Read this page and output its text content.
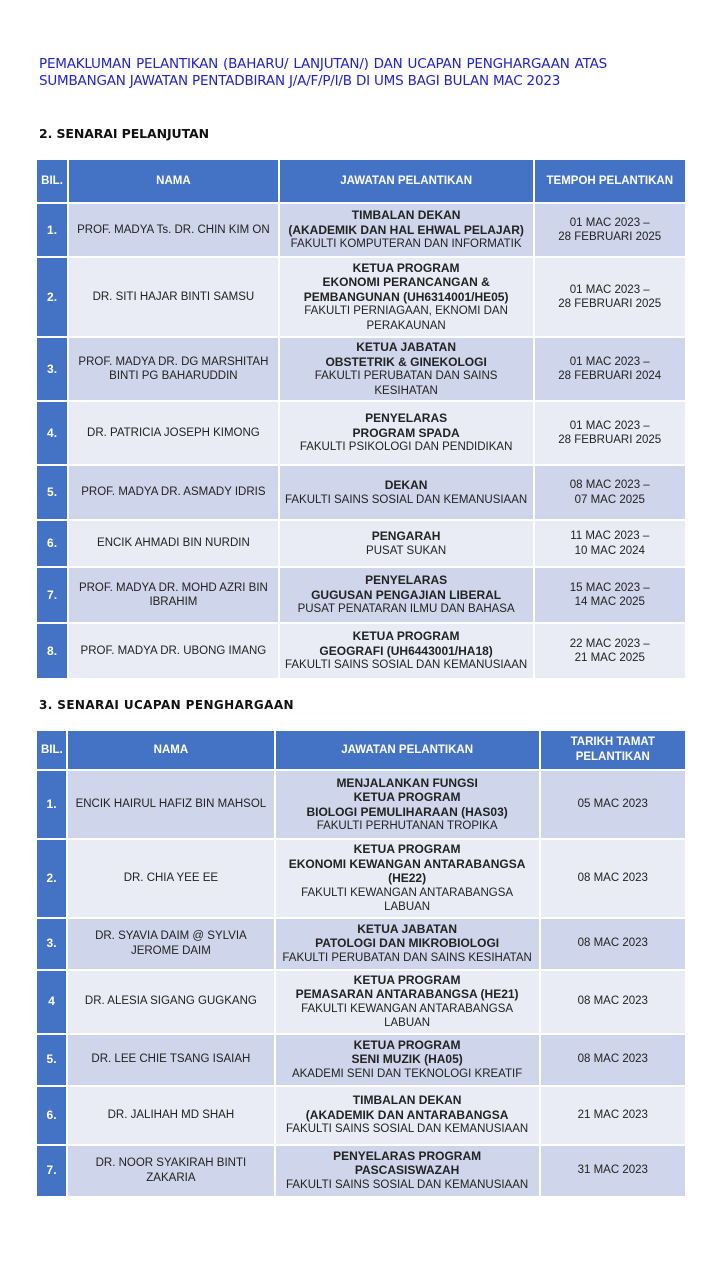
PEMAKLUMAN PELANTIKAN (BAHARU/ LANJUTAN/) DAN UCAPAN PENGHARGAAN ATAS SUMBANGAN JAWATAN PENTADBIRAN J/A/F/P/I/B DI UMS BAGI BULAN MAC 2023
2. SENARAI PELANJUTAN
BIL.	NAMA	JAWATAN PELANTIKAN	TEMPOH PELANTIKAN
1.	PROF. MADYA Ts. DR. CHIN KIM ON	TIMBALAN DEKAN
(AKADEMIK DAN HAL EHWAL PELAJAR)
FAKULTI KOMPUTERAN DAN INFORMATIK	01 MAC 2023 –
28 FEBRUARI 2025

2.	DR. SITI HAJAR BINTI SAMSU	KETUA PROGRAM
EKONOMI PERANCANGAN &
PEMBANGUNAN (UH6314001/HE05)
FAKULTI PERNIAGAAN, EKNOMI DAN PERAKAUNAN	01 MAC 2023 –
28 FEBRUARI 2025

3.	PROF. MADYA DR. DG MARSHITAH BINTI PG BAHARUDDIN	KETUA JABATAN
OBSTETRIK & GINEKOLOGI
FAKULTI PERUBATAN DAN SAINS KESIHATAN	01 MAC 2023 –
28 FEBRUARI 2024

4.	DR. PATRICIA JOSEPH KIMONG	PENYELARAS
PROGRAM SPADA
FAKULTI PSIKOLOGI DAN PENDIDIKAN	01 MAC 2023 –
28 FEBRUARI 2025

5.	PROF. MADYA DR. ASMADY IDRIS	DEKAN
FAKULTI SAINS SOSIAL DAN KEMANUSIAAN	08 MAC 2023 –
07 MAC 2025

6.	ENCIK AHMADI BIN NURDIN	PENGARAH
PUSAT SUKAN	11 MAC 2023 –
10 MAC 2024

7.	PROF. MADYA DR. MOHD AZRI BIN IBRAHIM	PENYELARAS
GUGUSAN PENGAJIAN LIBERAL
PUSAT PENATARAN ILMU DAN BAHASA	15 MAC 2023 –
14 MAC 2025

8.	PROF. MADYA DR. UBONG IMANG	KETUA PROGRAM
GEOGRAFI (UH6443001/HA18)
FAKULTI SAINS SOSIAL DAN KEMANUSIAAN	22 MAC 2023 –
21 MAC 2025
3. SENARAI UCAPAN PENGHARGAAN
BIL.	NAMA	JAWATAN PELANTIKAN	TARIKH TAMAT PELANTIKAN
1.	ENCIK HAIRUL HAFIZ BIN MAHSOL	MENJALANKAN FUNGSI
KETUA PROGRAM
BIOLOGI PEMULIHARAAN (HAS03)
FAKULTI PERHUTANAN TROPIKA	05 MAC 2023
2.	DR. CHIA YEE EE	KETUA PROGRAM
EKONOMI KEWANGAN ANTARABANGSA
(HE22)
FAKULTI KEWANGAN ANTARABANGSA LABUAN	08 MAC 2023
3.	DR. SYAVIA DAIM @ SYLVIA JEROME DAIM	KETUA JABATAN
PATOLOGI DAN MIKROBIOLOGI
FAKULTI PERUBATAN DAN SAINS KESIHATAN	08 MAC 2023
4	DR. ALESIA SIGANG GUGKANG	KETUA PROGRAM
PEMASARAN ANTARABANGSA (HE21)
FAKULTI KEWANGAN ANTARABANGSA LABUAN	08 MAC 2023
5.	DR. LEE CHIE TSANG ISAIAH	KETUA PROGRAM
SENI MUZIK (HA05)
AKADEMI SENI DAN TEKNOLOGI KREATIF	08 MAC 2023
6.	DR. JALIHAH MD SHAH	TIMBALAN DEKAN
(AKADEMIK DAN ANTARABANGSA
FAKULTI SAINS SOSIAL DAN KEMANUSIAAN	21 MAC 2023
7.	DR. NOOR SYAKIRAH BINTI ZAKARIA	PENYELARAS PROGRAM
PASCASISWAZAH
FAKULTI SAINS SOSIAL DAN KEMANUSIAAN	31 MAC 2023
